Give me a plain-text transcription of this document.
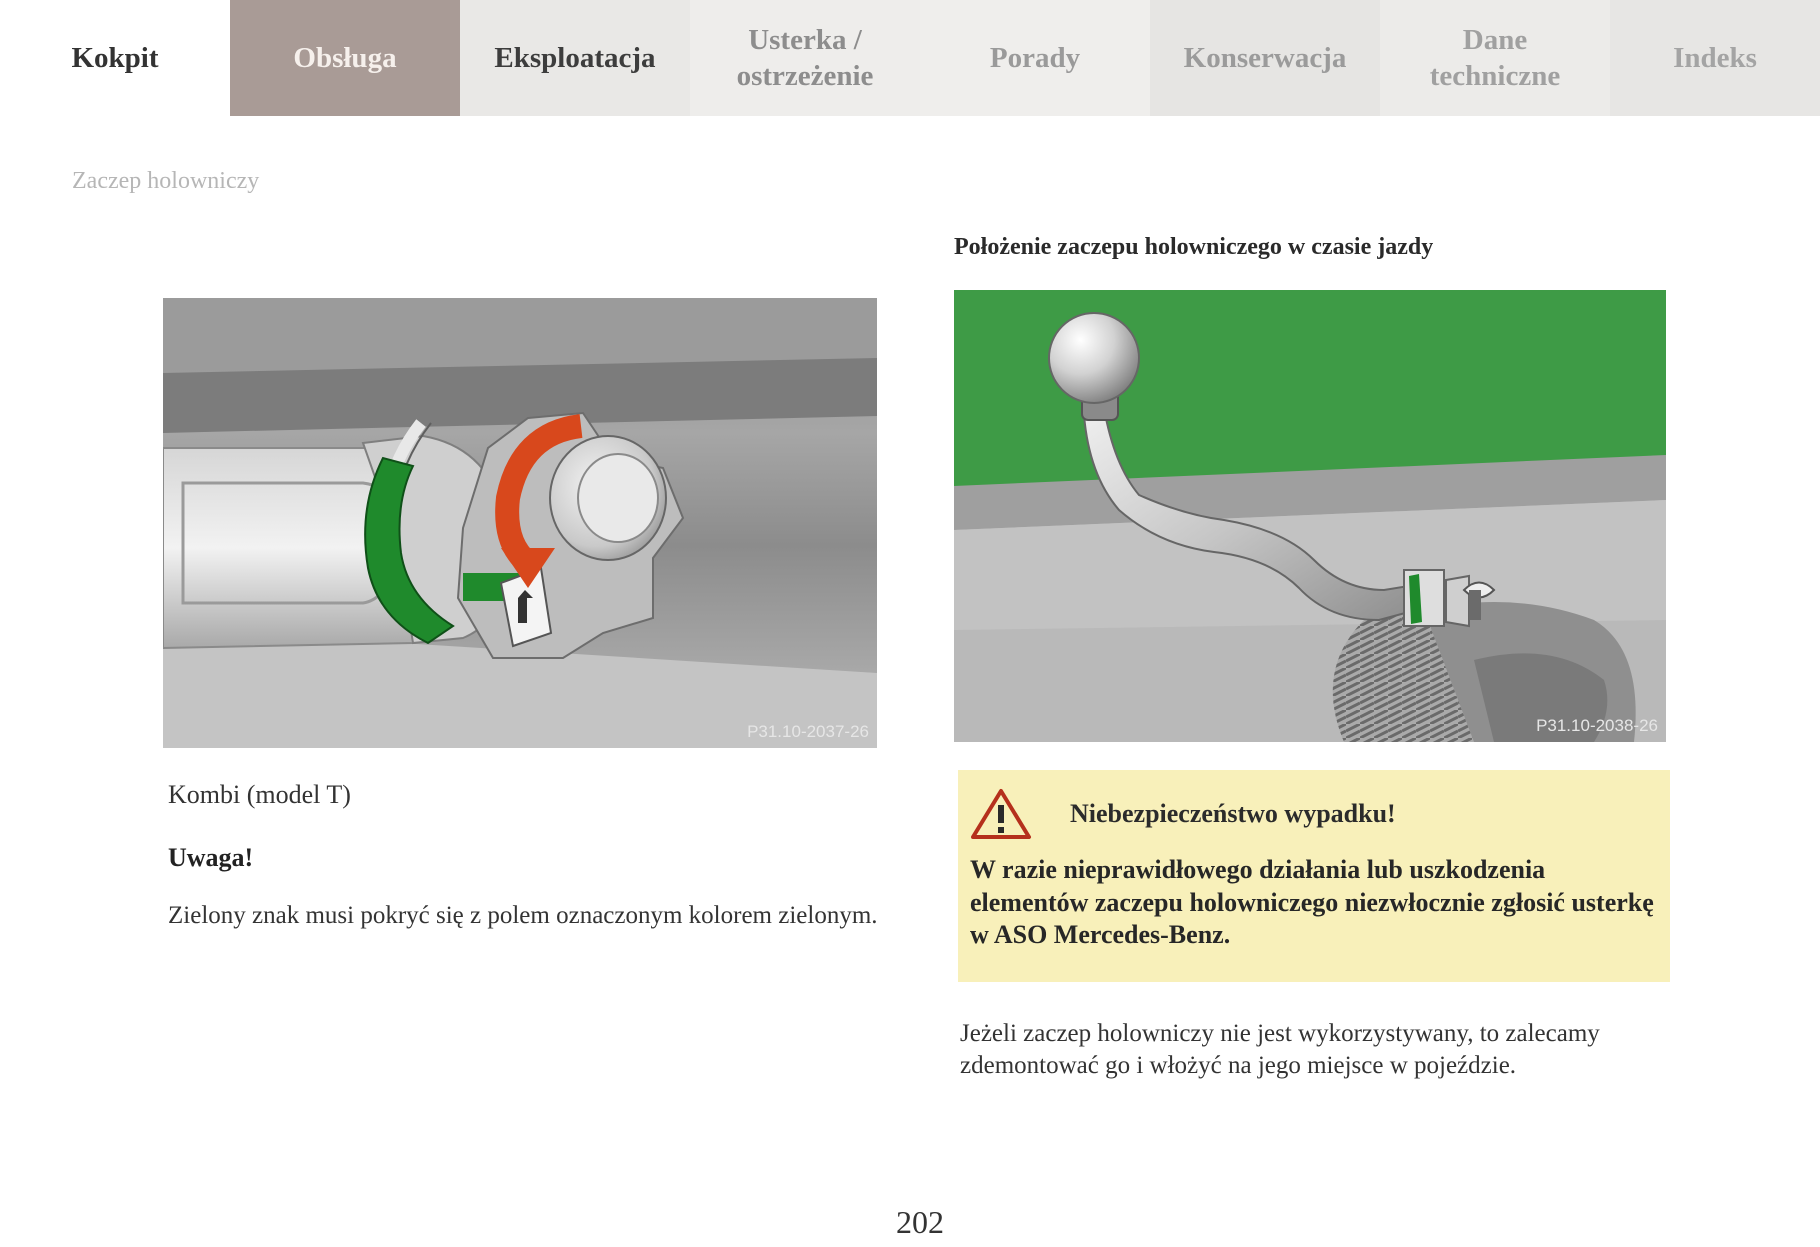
Kokpit	Obsługa	Eksploatacja
Usterka / ostrzeżenie
Porady	Konserwacja
Dane techniczne
Indeks
Zaczep holowniczy
P31.10-2037-26
Położenie zaczepu holowniczego w czasie jazdy
P31.10-2038-26
Kombi (model T)
Uwaga!
Zielony znak musi pokryć się z polem oznaczonym kolorem zielonym.
Niebezpieczeństwo wypadku!
W razie nieprawidłowego działania lub uszkodzenia elementów zaczepu holowniczego niezwłocznie zgłosić usterkę w ASO Mercedes-Benz.
Jeżeli zaczep holowniczy nie jest wykorzystywany, to zalecamy zdemontować go i włożyć na jego miejsce w pojeździe.
202
